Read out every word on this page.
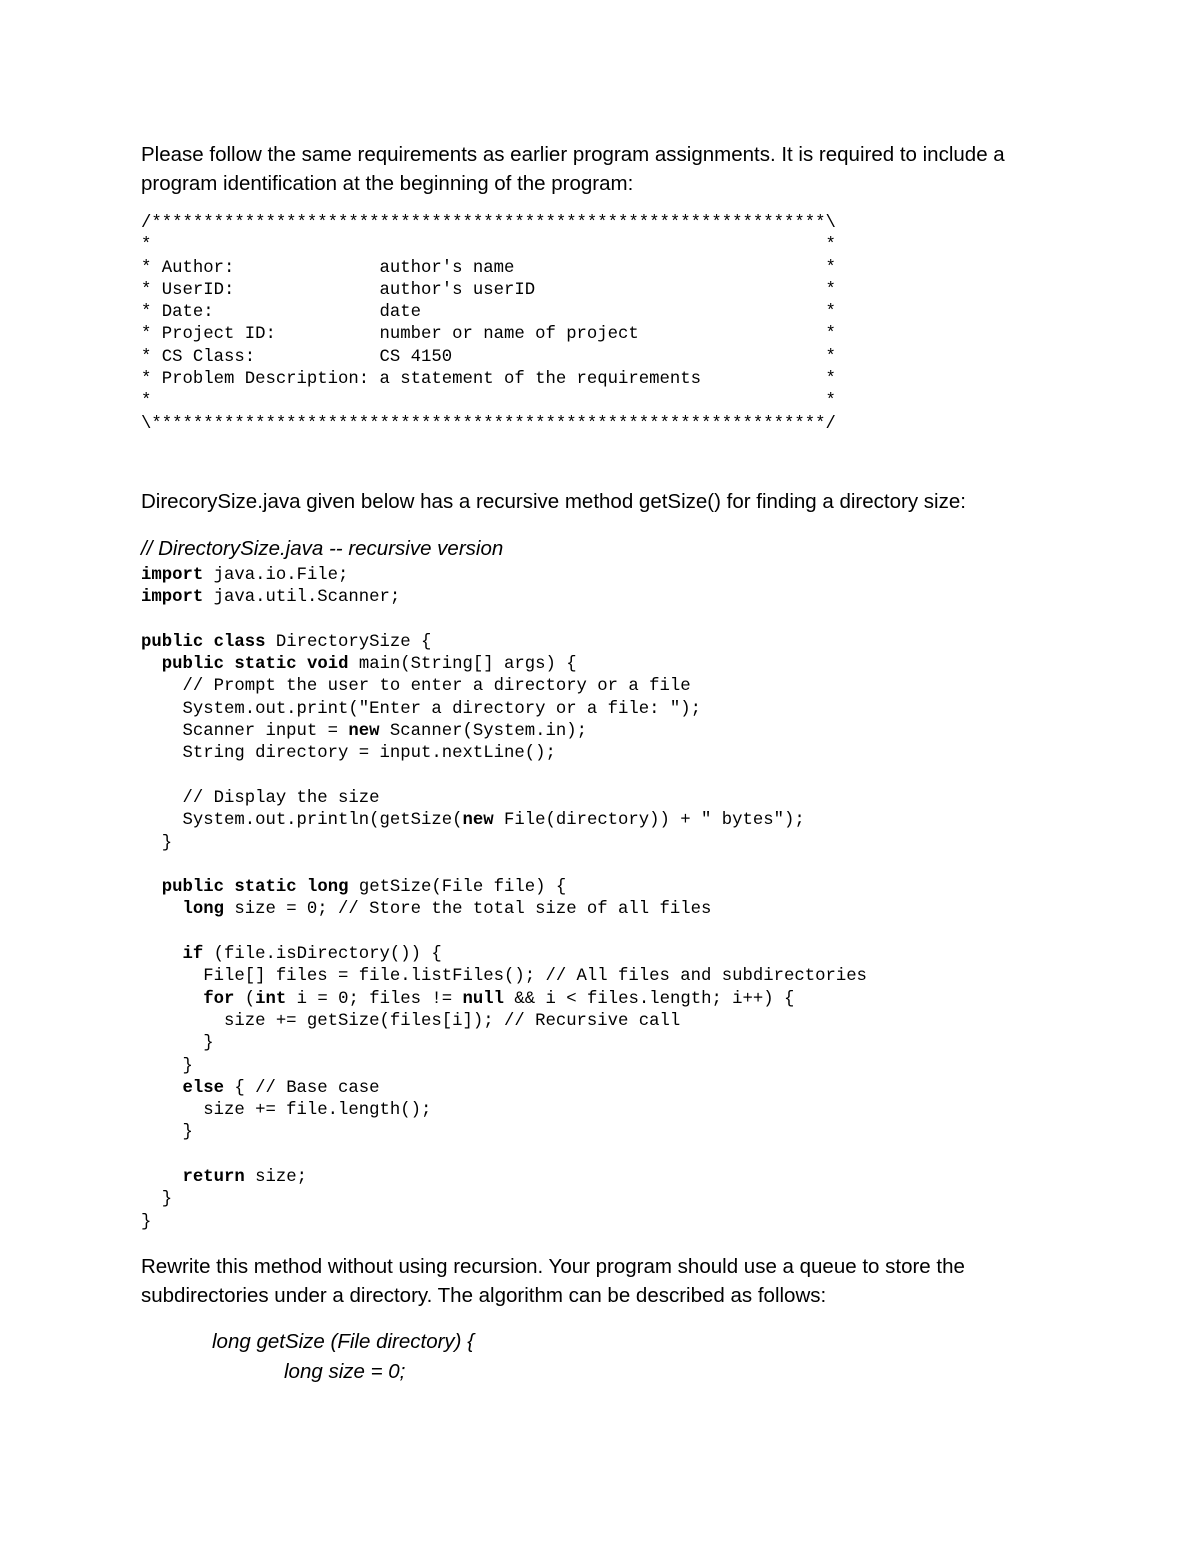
Please follow the same requirements as earlier program assignments. It is required to include a program identification at the beginning of the program:

/*****************************************************************\
*                                                                 *
* Author:              author's name                              *
* UserID:              author's userID                            *
* Date:                date                                       *
* Project ID:          number or name of project                  *
* CS Class:            CS 4150                                    *
* Problem Description: a statement of the requirements            *
*                                                                 *
\*****************************************************************/

DirecorySize.java given below has a recursive method getSize() for finding a directory size:

// DirectorySize.java -- recursive version

import java.io.File;
import java.util.Scanner;
public class DirectorySize {
public static void main(String[] args) {
// Prompt the user to enter a directory or a file
System.out.print("Enter a directory or a file: ");
Scanner input = new Scanner(System.in);
String directory = input.nextLine();
// Display the size
System.out.println(getSize(new File(directory)) + " bytes");
}
public static long getSize(File file) {
long size = 0; // Store the total size of all files
if (file.isDirectory()) {
File[] files = file.listFiles(); // All files and subdirectories
for (int i = 0; files != null && i < files.length; i++) {
size += getSize(files[i]); // Recursive call
}
}
else { // Base case
size += file.length();
}
return size;
}
}

Rewrite this method without using recursion. Your program should use a queue to store the subdirectories under a directory. The algorithm can be described as follows:

long getSize (File directory) {

long size = 0;
